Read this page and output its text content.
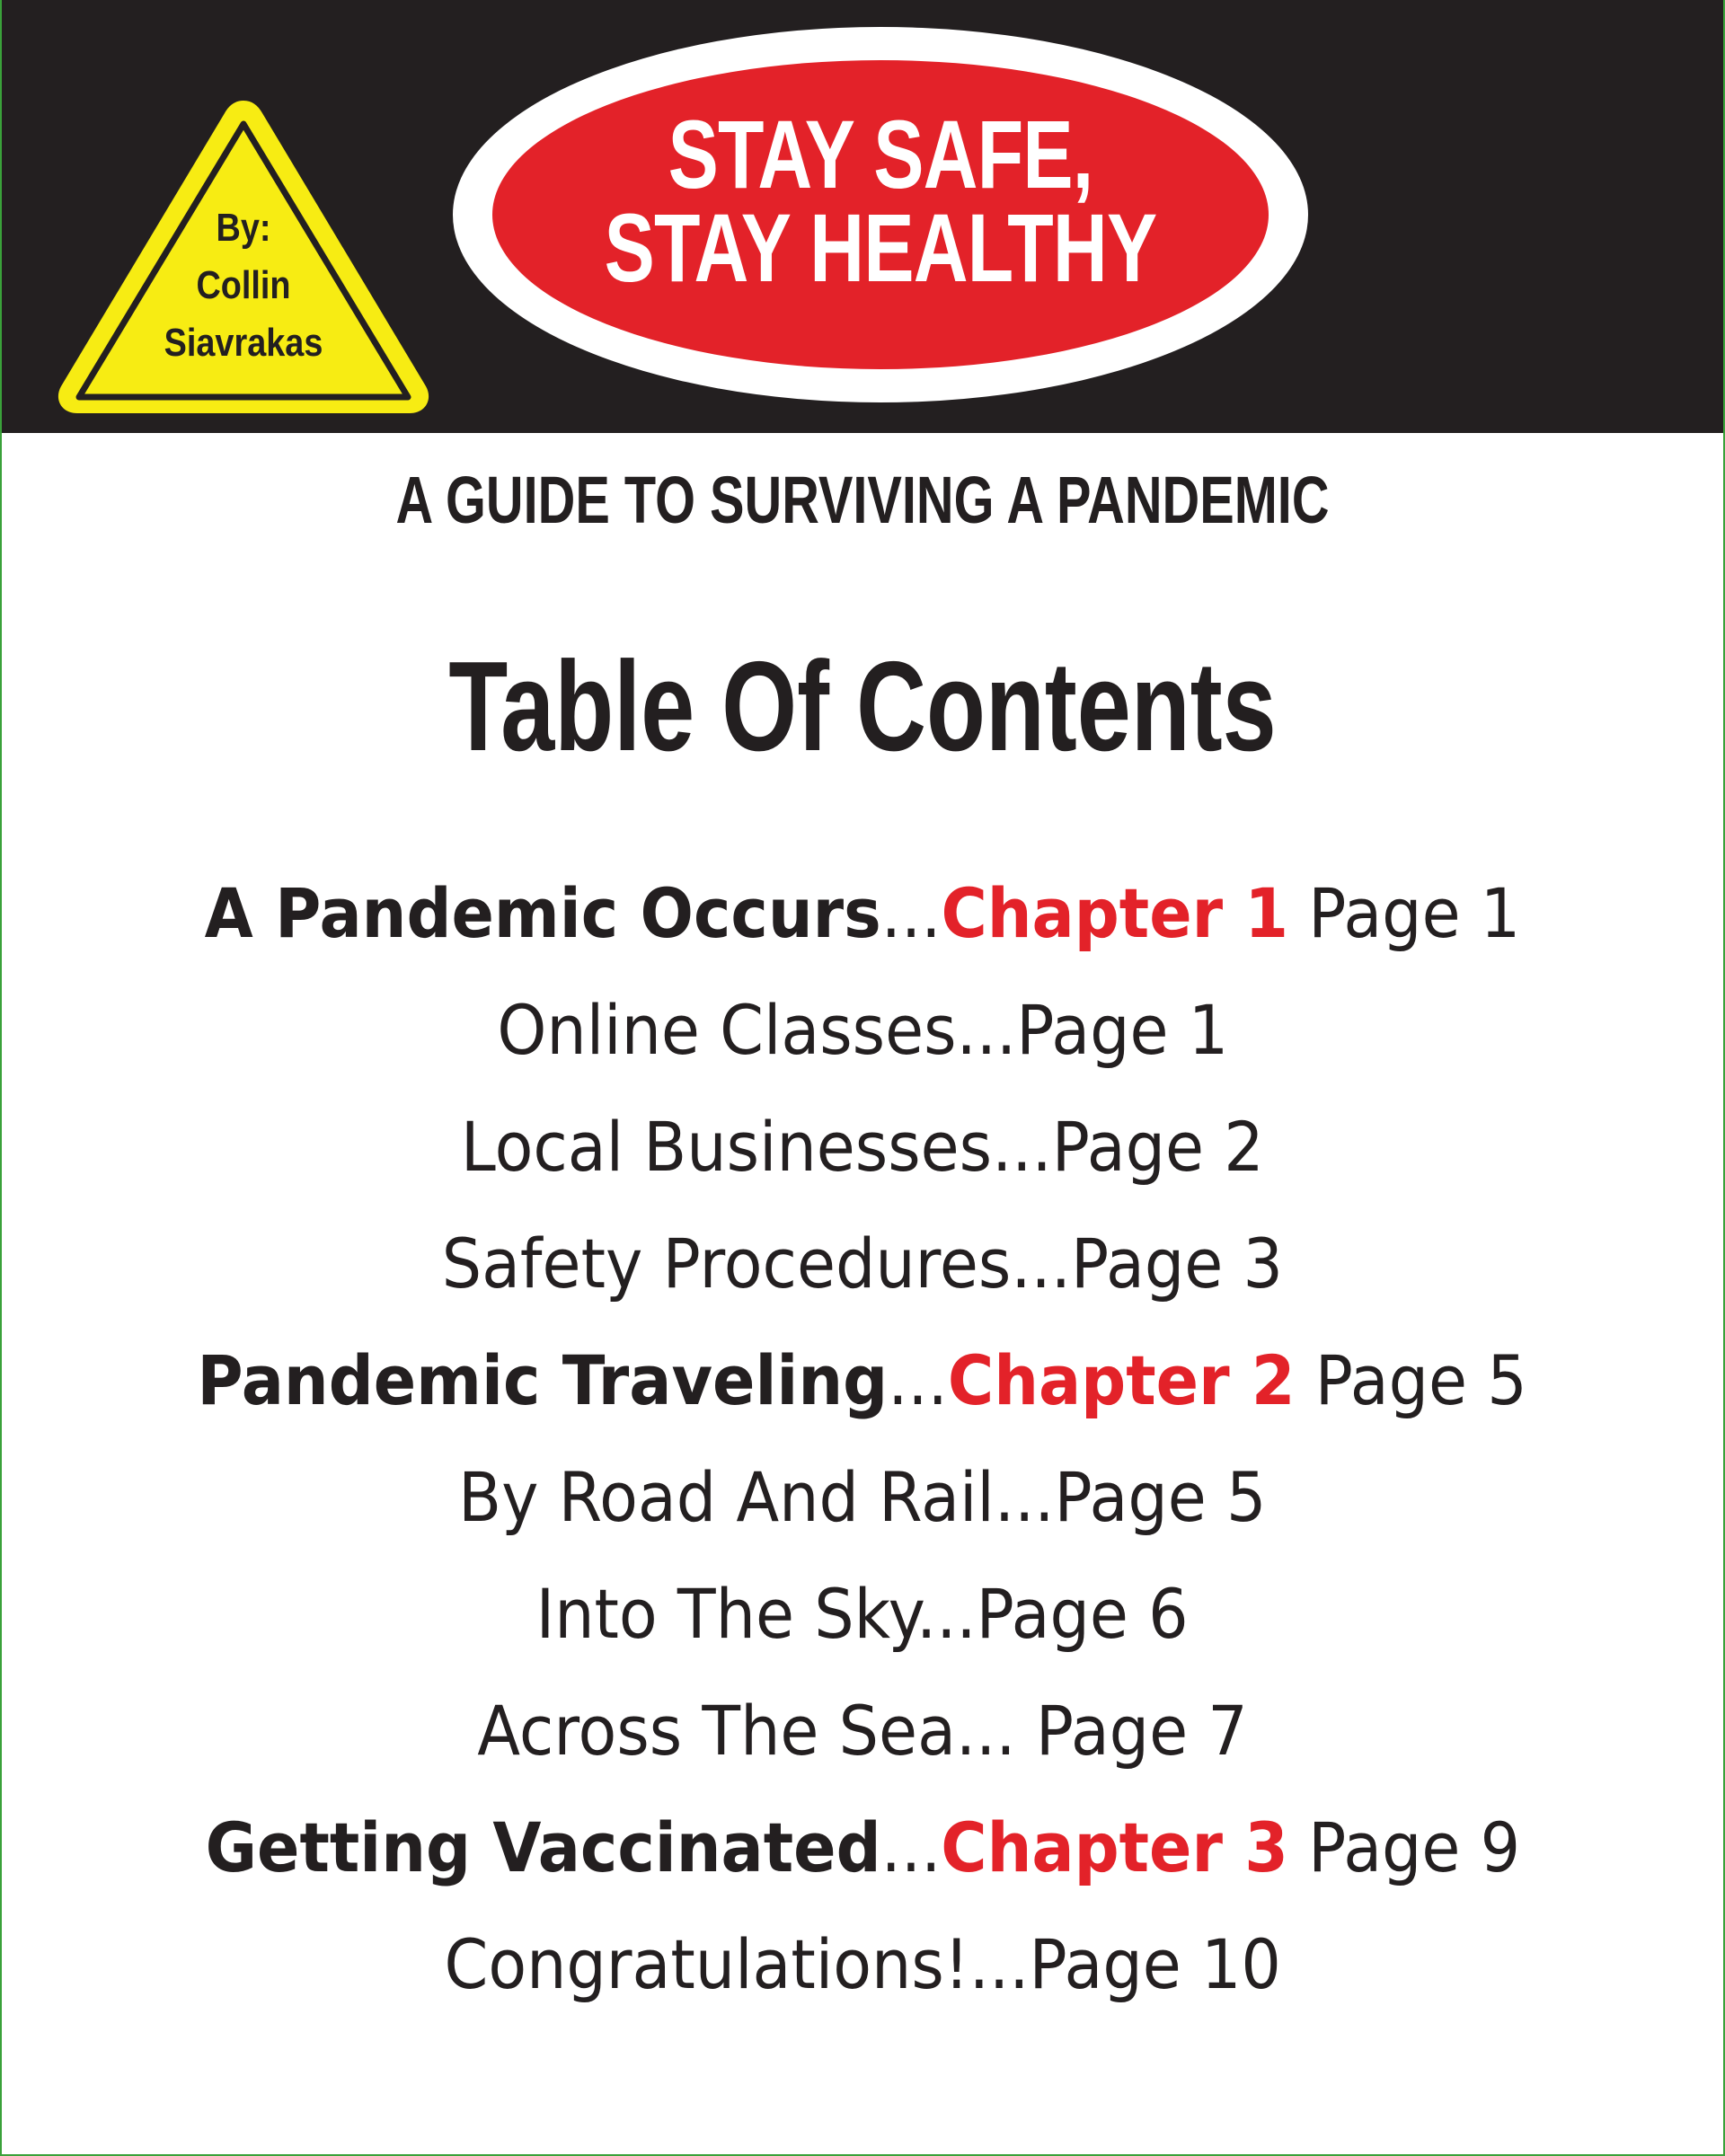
By:
Collin
Siavrakas
STAY SAFE,
STAY HEALTHY
A GUIDE TO SURVIVING A PANDEMIC
Table Of Contents
A Pandemic Occurs...Chapter 1 Page 1
Online Classes...Page 1
Local Businesses...Page 2
Safety Procedures...Page 3
Pandemic Traveling...Chapter 2 Page 5
By Road And Rail...Page 5
Into The Sky...Page 6
Across The Sea... Page 7
Getting Vaccinated...Chapter 3 Page 9
Congratulations!...Page 10
